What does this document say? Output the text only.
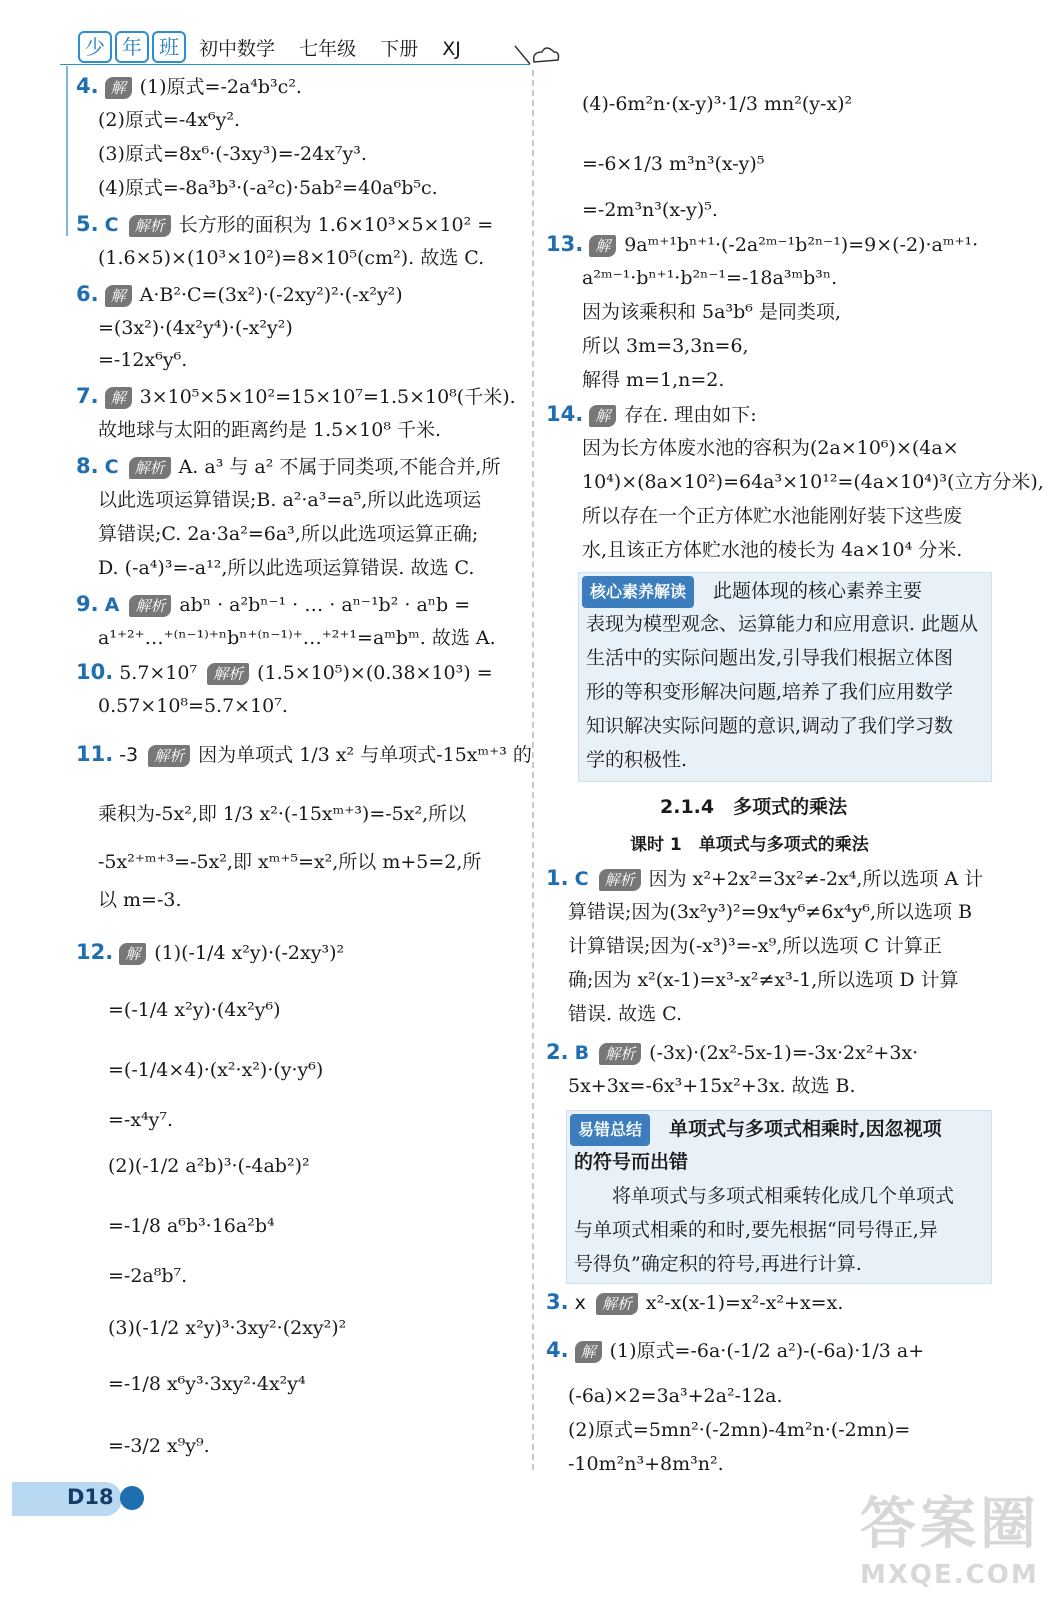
少 年 班	初中数学 七年级 下册 XJ
4. 解 (1)原式=-2a⁴b³c².
(2)原式=-4x⁶y².
(3)原式=8x⁶·(-3xy³)=-24x⁷y³.
(4)原式=-8a³b³·(-a²c)·5ab²=40a⁶b⁵c.
5. C 解析 长方形的面积为 1.6×10³×5×10² =
(1.6×5)×(10³×10²)=8×10⁵(cm²). 故选 C.
6. 解 A·B²·C=(3x²)·(-2xy²)²·(-x²y²)
=(3x²)·(4x²y⁴)·(-x²y²)
=-12x⁶y⁶.
7. 解 3×10⁵×5×10²=15×10⁷=1.5×10⁸(千米).
故地球与太阳的距离约是 1.5×10⁸ 千米.
8. C 解析 A. a³ 与 a² 不属于同类项,不能合并,所
以此选项运算错误;B. a²·a³=a⁵,所以此选项运
算错误;C. 2a·3a²=6a³,所以此选项运算正确;
D. (-a⁴)³=-a¹²,所以此选项运算错误. 故选 C.
9. A 解析 abⁿ · a²bⁿ⁻¹ · … · aⁿ⁻¹b² · aⁿb =
a¹⁺²⁺…⁺⁽ⁿ⁻¹⁾⁺ⁿbⁿ⁺⁽ⁿ⁻¹⁾⁺…⁺²⁺¹=aᵐbᵐ. 故选 A.
10. 5.7×10⁷ 解析 (1.5×10⁵)×(0.38×10³) =
0.57×10⁸=5.7×10⁷.
11. -3 解析 因为单项式 1/3 x² 与单项式-15xᵐ⁺³ 的
乘积为-5x²,即 1/3 x²·(-15xᵐ⁺³)=-5x²,所以
-5x²⁺ᵐ⁺³=-5x²,即 xᵐ⁺⁵=x²,所以 m+5=2,所
以 m=-3.
12. 解 (1)(-1/4 x²y)·(-2xy³)²
=(-1/4 x²y)·(4x²y⁶)
=(-1/4×4)·(x²·x²)·(y·y⁶)
=-x⁴y⁷.
(2)(-1/2 a²b)³·(-4ab²)²
=-1/8 a⁶b³·16a²b⁴
=-2a⁸b⁷.
(3)(-1/2 x²y)³·3xy²·(2xy²)²
=-1/8 x⁶y³·3xy²·4x²y⁴
=-3/2 x⁹y⁹.
(4)-6m²n·(x-y)³·1/3 mn²(y-x)²
=-6×1/3 m³n³(x-y)⁵
=-2m³n³(x-y)⁵.
13. 解 9aᵐ⁺¹bⁿ⁺¹·(-2a²ᵐ⁻¹b²ⁿ⁻¹)=9×(-2)·aᵐ⁺¹·
a²ᵐ⁻¹·bⁿ⁺¹·b²ⁿ⁻¹=-18a³ᵐb³ⁿ.
因为该乘积和 5a³b⁶ 是同类项,
所以 3m=3,3n=6,
解得 m=1,n=2.
14. 解 存在. 理由如下:
因为长方体废水池的容积为(2a×10⁶)×(4a×
10⁴)×(8a×10²)=64a³×10¹²=(4a×10⁴)³(立方分米),
所以存在一个正方体贮水池能刚好装下这些废
水,且该正方体贮水池的棱长为 4a×10⁴ 分米.
核心素养解读　 此题体现的核心素养主要
表现为模型观念、运算能力和应用意识. 此题从
生活中的实际问题出发,引导我们根据立体图
形的等积变形解决问题,培养了我们应用数学
知识解决实际问题的意识,调动了我们学习数
学的积极性.
2.1.4　多项式的乘法
课时 1　单项式与多项式的乘法
1. C 解析 因为 x²+2x²=3x²≠-2x⁴,所以选项 A 计
算错误;因为(3x²y³)²=9x⁴y⁶≠6x⁴y⁶,所以选项 B
计算错误;因为(-x³)³=-x⁹,所以选项 C 计算正
确;因为 x²(x-1)=x³-x²≠x³-1,所以选项 D 计算
错误. 故选 C.
2. B 解析 (-3x)·(2x²-5x-1)=-3x·2x²+3x·
5x+3x=-6x³+15x²+3x. 故选 B.
易错总结　 单项式与多项式相乘时,因忽视项
的符号而出错
将单项式与多项式相乘转化成几个单项式
与单项式相乘的和时,要先根据“同号得正,异
号得负”确定积的符号,再进行计算.
3. x 解析 x²-x(x-1)=x²-x²+x=x.
4. 解 (1)原式=-6a·(-1/2 a²)-(-6a)·1/3 a+
(-6a)×2=3a³+2a²-12a.
(2)原式=5mn²·(-2mn)-4m²n·(-2mn)=
-10m²n³+8m³n².
D18	答案圈
MXQE.COM
